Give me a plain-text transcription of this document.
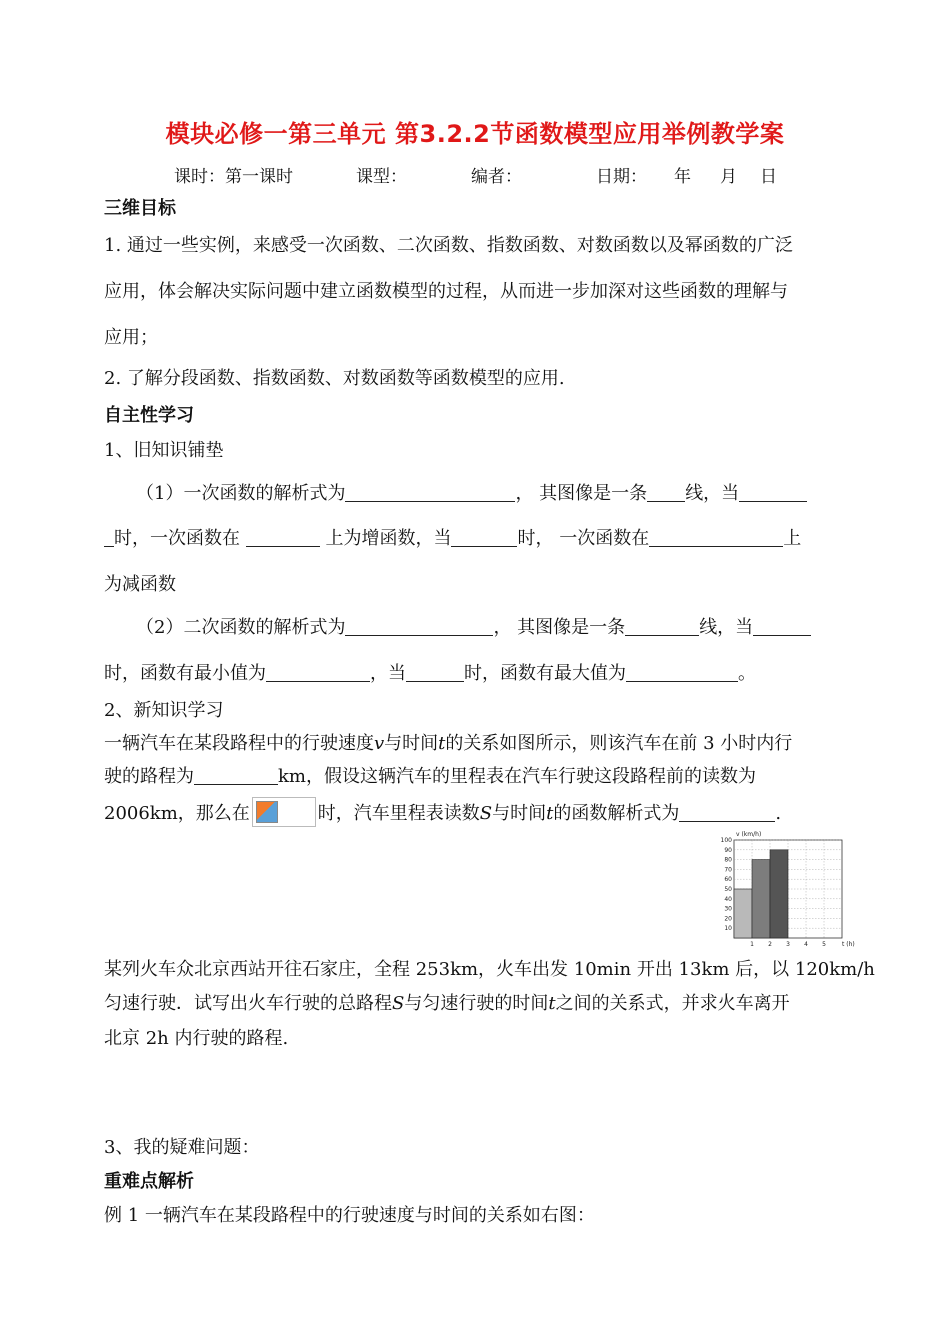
模块必修一第三单元 第3.2.2节函数模型应用举例教学案
课时：第一课时	课型：	编者：	日期： 年 月 日
三维目标
1. 通过一些实例，来感受一次函数、二次函数、指数函数、对数函数以及幂函数的广泛
应用，体会解决实际问题中建立函数模型的过程，从而进一步加深对这些函数的理解与
应用；
2. 了解分段函数、指数函数、对数函数等函数模型的应用.
自主性学习
1、旧知识铺垫
（1）一次函数的解析式为	， 其图像是一条 线，当
时，一次函数在	上为增函数，当	时， 一次函数在	上
为减函数
（2）二次函数的解析式为	， 其图像是一条	线，当
时，函数有最小值为	，当	时，函数有最大值为	。
2、新知识学习
一辆汽车在某段路程中的行驶速度v与时间t的关系如图所示，则该汽车在前 3 小时内行
驶的路程为	km，假设这辆汽车的里程表在汽车行驶这段路程前的读数为
2006km，那么在	时，汽车里程表读数S与时间t的函数解析式为	.
10
20
30
40
50
60
70
80
90
100
1 2 3 4 5
v (km/h)
t (h)
某列火车众北京西站开往石家庄，全程 253km，火车出发 10min 开出 13km 后，以 120km/h
匀速行驶．试写出火车行驶的总路程S与匀速行驶的时间t之间的关系式，并求火车离开
北京 2h 内行驶的路程.
3、我的疑难问题：
重难点解析
例 1 一辆汽车在某段路程中的行驶速度与时间的关系如右图：
